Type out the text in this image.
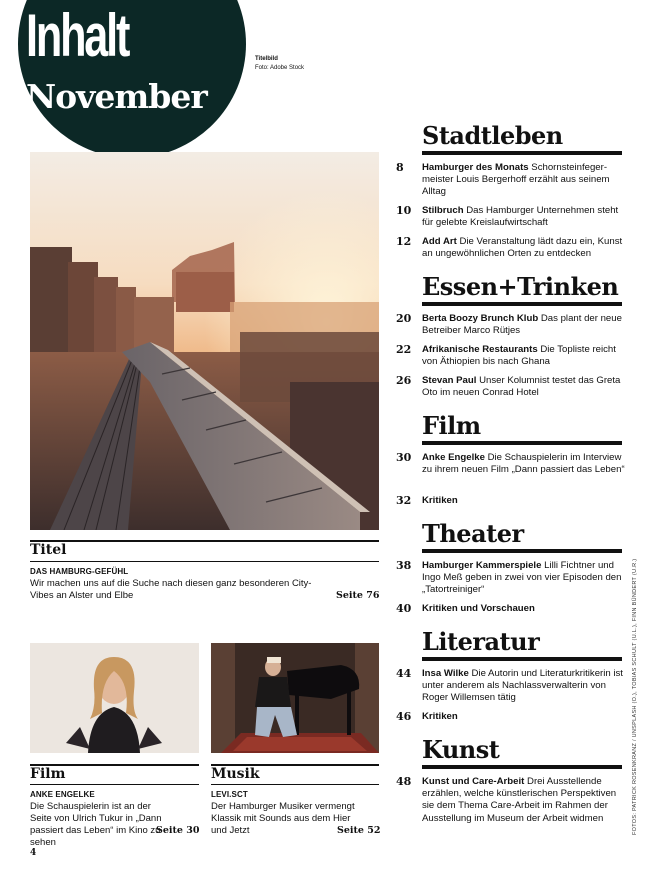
Inhalt
November
Titelbild
Foto: Adobe Stock
Titel
DAS HAMBURG-GEFÜHL
Wir machen uns auf die Suche nach diesen ganz besonderen City-Vibes an Alster und Elbe	Seite 76
Film
ANKE ENGELKE
Die Schauspielerin ist an der Seite von Ulrich Tukur in „Dann passiert das Leben“ im Kino zu sehen
Seite 30
Musik
LEVI.SCT
Der Hamburger Musiker vermengt Klassik mit Sounds aus dem Hier und Jetzt	Seite 52
Stadtleben
8	Hamburger des Monats Schornsteinfegermeister Louis Bergerhoff erzählt aus seinem Alltag
10	Stilbruch Das Hamburger Unternehmen steht für gelebte Kreislaufwirtschaft
12	Add Art Die Veranstaltung lädt dazu ein, Kunst an ungewöhnlichen Orten zu entdecken
Essen+Trinken
20	Berta Boozy Brunch Klub Das plant der neue Betreiber Marco Rütjes
22	Afrikanische Restaurants Die Topliste reicht von Äthiopien bis nach Ghana
26	Stevan Paul Unser Kolumnist testet das Greta Oto im neuen Conrad Hotel
Film
30	Anke Engelke Die Schauspielerin im Interview zu ihrem neuen Film „Dann passiert das Leben“
32	Kritiken
Theater
38	Hamburger Kammerspiele Lilli Fichtner und Ingo Meß geben in zwei von vier Episoden den „Tatortreiniger“
40	Kritiken und Vorschauen
Literatur
44	Insa Wilke Die Autorin und Literaturkritikerin ist unter anderem als Nachlassverwalterin von Roger Willemsen tätig
46	Kritiken
Kunst
48	Kunst und Care-Arbeit Drei Ausstellende erzählen, welche künstlerischen Perspektiven sie dem Thema Care-Arbeit im Rahmen der Ausstellung im Museum der Arbeit widmen	FOTOS: PATRICK ROSENKRANZ / UNSPLASH (O.), TOBIAS SCHULT (U.L.), FINN BÜNDERT (U.R.)
4
